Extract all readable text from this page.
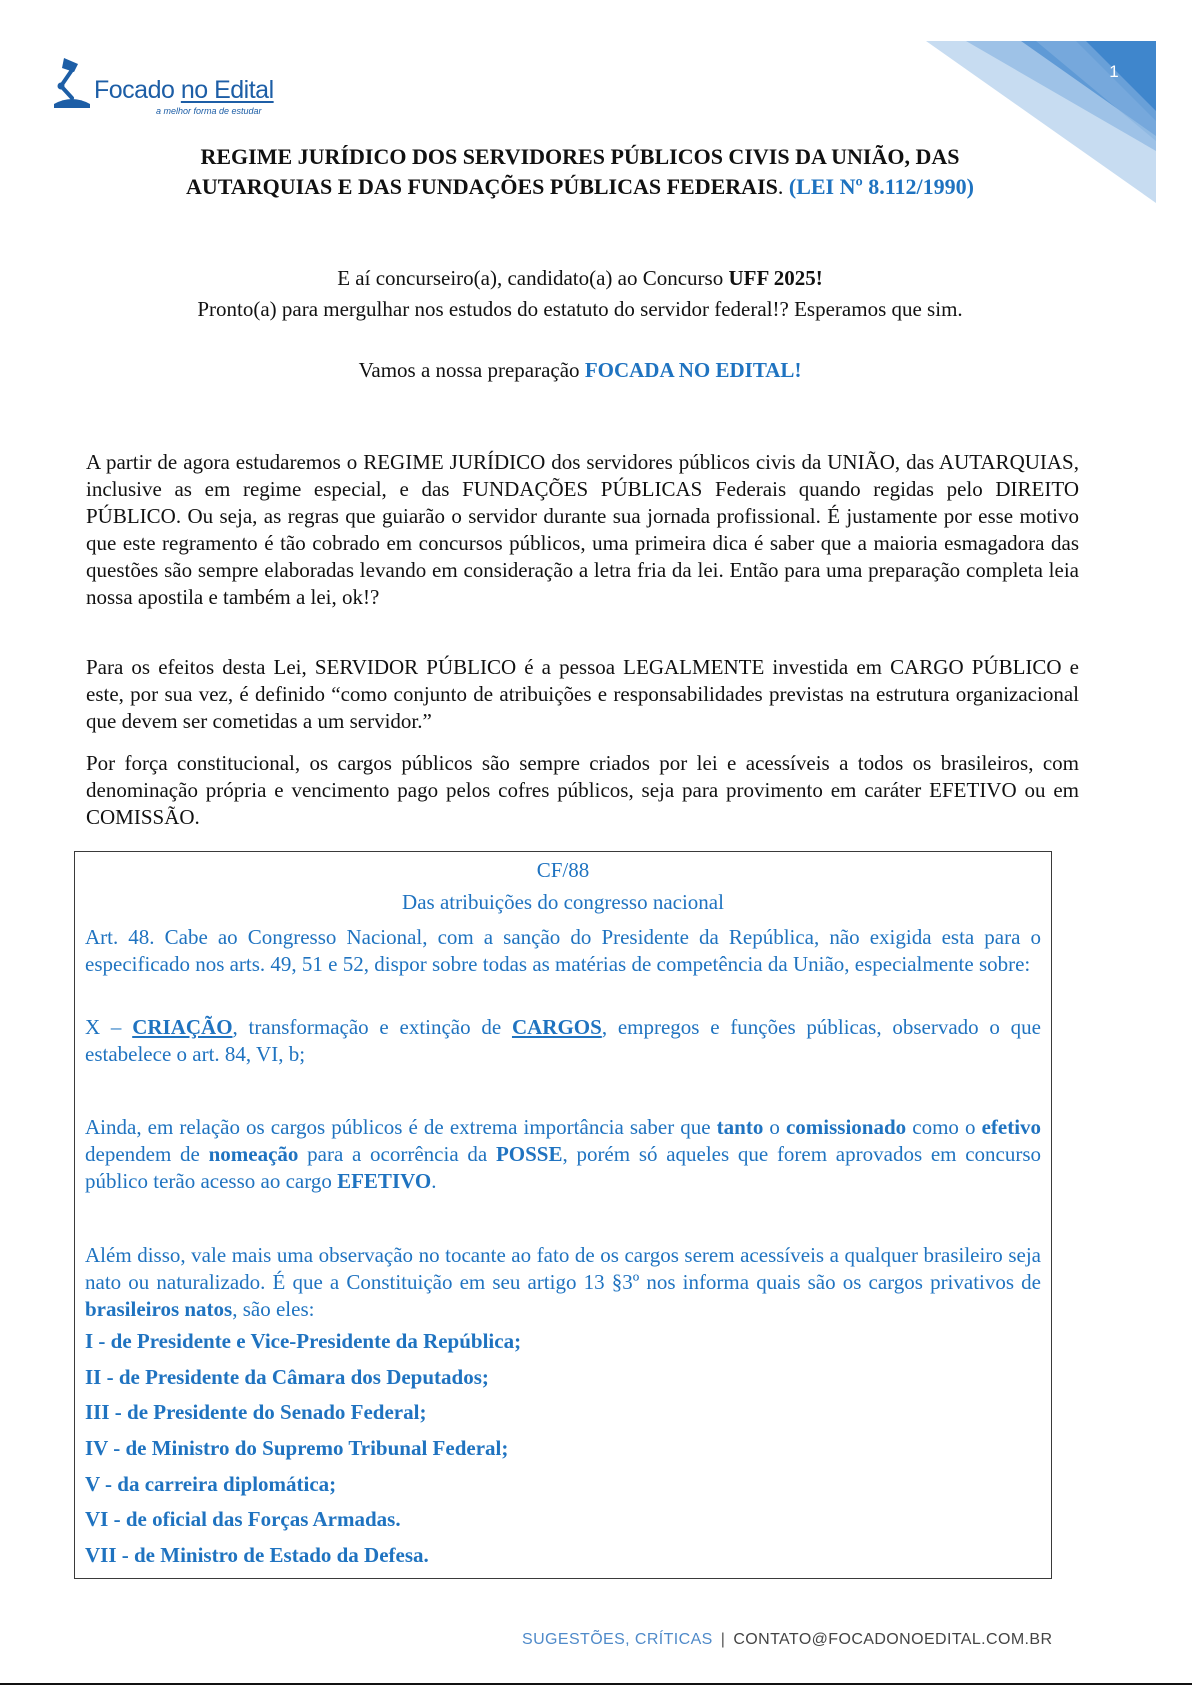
Focado no Edital
a melhor forma de estudar
1
REGIME JURÍDICO DOS SERVIDORES PÚBLICOS CIVIS DA UNIÃO, DAS
AUTARQUIAS E DAS FUNDAÇÕES PÚBLICAS FEDERAIS. (LEI Nº 8.112/1990)
E aí concurseiro(a), candidato(a) ao Concurso UFF 2025!
Pronto(a) para mergulhar nos estudos do estatuto do servidor federal!? Esperamos que sim.
Vamos a nossa preparação FOCADA NO EDITAL!
A partir de agora estudaremos o REGIME JURÍDICO dos servidores públicos civis da UNIÃO, das AUTARQUIAS, inclusive as em regime especial, e das FUNDAÇÕES PÚBLICAS Federais quando regidas pelo DIREITO PÚBLICO. Ou seja, as regras que guiarão o servidor durante sua jornada profissional. É justamente por esse motivo que este regramento é tão cobrado em concursos públicos, uma primeira dica é saber que a maioria esmagadora das questões são sempre elaboradas levando em consideração a letra fria da lei. Então para uma preparação completa leia nossa apostila e também a lei, ok!?
Para os efeitos desta Lei, SERVIDOR PÚBLICO é a pessoa LEGALMENTE investida em CARGO PÚBLICO e este, por sua vez, é definido “como conjunto de atribuições e responsabilidades previstas na estrutura organizacional que devem ser cometidas a um servidor.”
Por força constitucional, os cargos públicos são sempre criados por lei e acessíveis a todos os brasileiros, com denominação própria e vencimento pago pelos cofres públicos, seja para provimento em caráter EFETIVO ou em COMISSÃO.
CF/88
Das atribuições do congresso nacional
Art. 48. Cabe ao Congresso Nacional, com a sanção do Presidente da República, não exigida esta para o especificado nos arts. 49, 51 e 52, dispor sobre todas as matérias de competência da União, especialmente sobre:
X – CRIAÇÃO, transformação e extinção de CARGOS, empregos e funções públicas, observado o que estabelece o art. 84, VI, b;
Ainda, em relação os cargos públicos é de extrema importância saber que tanto o comissionado como o efetivo dependem de nomeação para a ocorrência da POSSE, porém só aqueles que forem aprovados em concurso público terão acesso ao cargo EFETIVO.
Além disso, vale mais uma observação no tocante ao fato de os cargos serem acessíveis a qualquer brasileiro seja nato ou naturalizado. É que a Constituição em seu artigo 13 §3º nos informa quais são os cargos privativos de brasileiros natos, são eles:
I - de Presidente e Vice-Presidente da República;
II - de Presidente da Câmara dos Deputados;
III - de Presidente do Senado Federal;
IV - de Ministro do Supremo Tribunal Federal;
V - da carreira diplomática;
VI - de oficial das Forças Armadas.
VII - de Ministro de Estado da Defesa.
SUGESTÕES, CRÍTICAS | CONTATO@FOCADONOEDITAL.COM.BR
